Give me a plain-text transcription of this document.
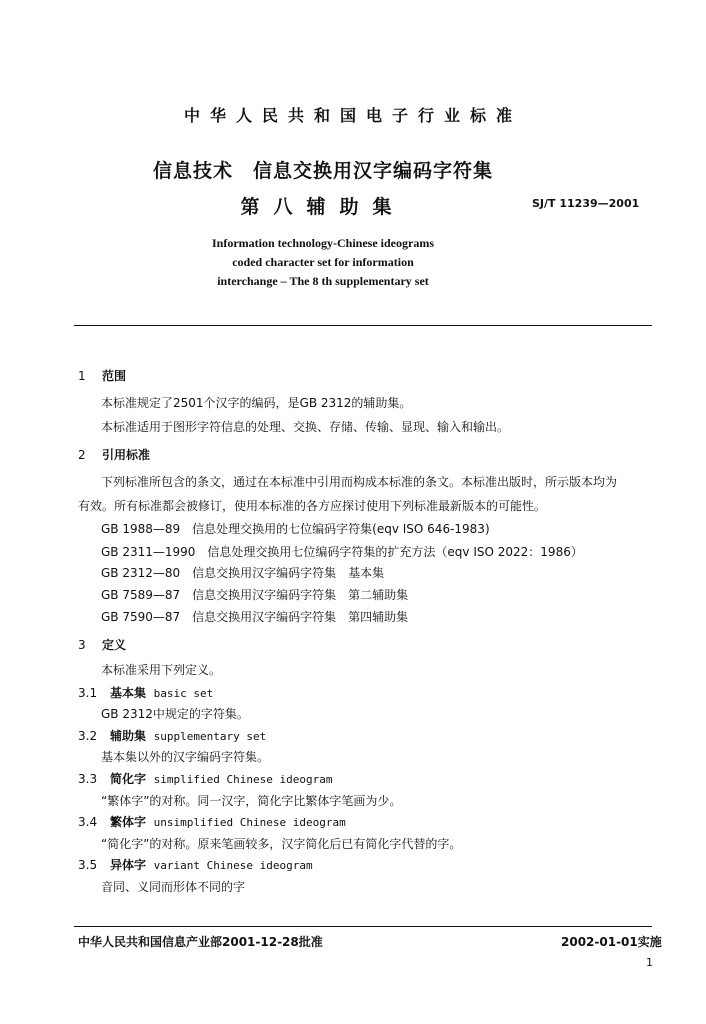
中华人民共和国电子行业标准
信息技术　信息交换用汉字编码字符集
第八辅助集	SJ/T 11239—2001
Information technology-Chinese ideograms
coded character set for information
interchange – The 8 th supplementary set
1 范围
本标准规定了2501个汉字的编码，是GB 2312的辅助集。
本标准适用于图形字符信息的处理、交换、存储、传输、显现、输入和输出。
2 引用标准
下列标准所包含的条文，通过在本标准中引用而构成本标准的条文。本标准出版时，所示版本均为
有效。所有标准都会被修订，使用本标准的各方应探讨使用下列标准最新版本的可能性。
GB 1988—89　信息处理交换用的七位编码字符集(eqv ISO 646-1983)
GB 2311—1990　信息处理交换用七位编码字符集的扩充方法（eqv ISO 2022：1986）
GB 2312—80　信息交换用汉字编码字符集　基本集
GB 7589—87　信息交换用汉字编码字符集　第二辅助集
GB 7590—87　信息交换用汉字编码字符集　第四辅助集
3 定义
本标准采用下列定义。
3.1 基本集 basic set
GB 2312中规定的字符集。
3.2 辅助集 supplementary set
基本集以外的汉字编码字符集。
3.3 简化字 simplified Chinese ideogram
“繁体字”的对称。同一汉字，简化字比繁体字笔画为少。
3.4 繁体字 unsimplified Chinese ideogram
“简化字”的对称。原来笔画较多，汉字简化后已有简化字代替的字。
3.5 异体字 variant Chinese ideogram
音同、义同而形体不同的字
中华人民共和国信息产业部2001-12-28批准	2002-01-01实施
1
